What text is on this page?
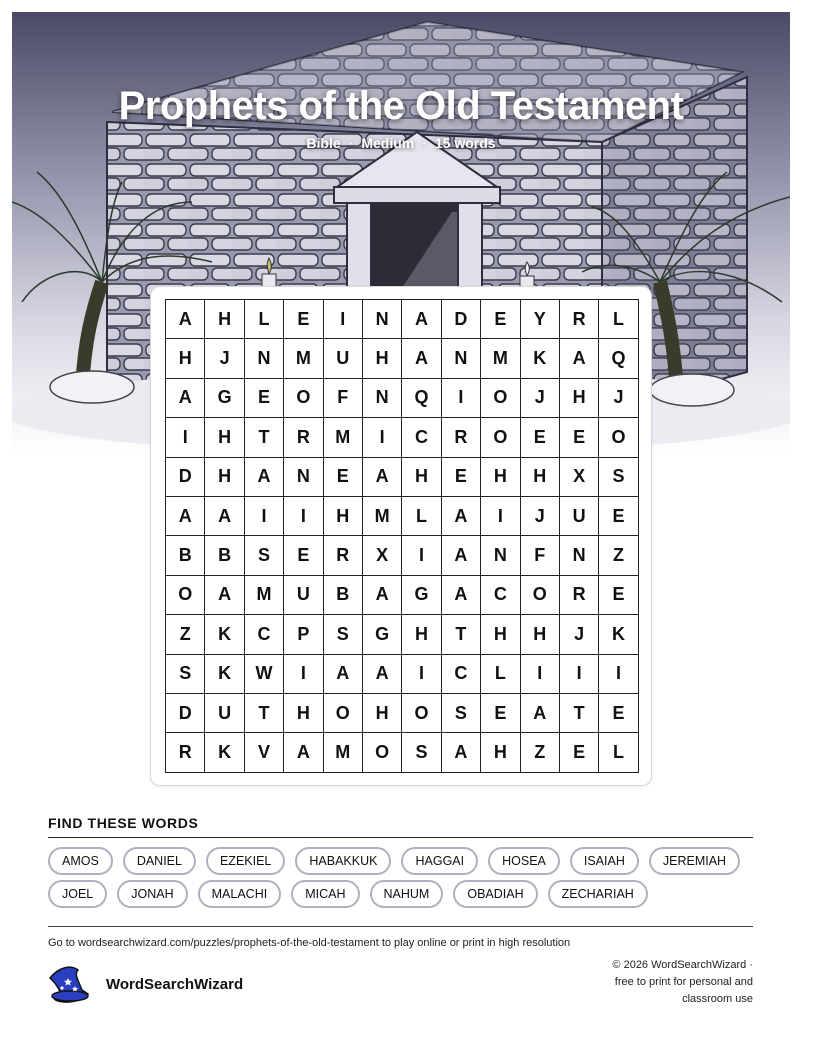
Prophets of the Old Testament
Bible · Medium · 15 words
A	H	L	E	I	N	A	D	E	Y	R	L
H	J	N	M	U	H	A	N	M	K	A	Q
A	G	E	O	F	N	Q	I	O	J	H	J
I	H	T	R	M	I	C	R	O	E	E	O
D	H	A	N	E	A	H	E	H	H	X	S
A	A	I	I	H	M	L	A	I	J	U	E
B	B	S	E	R	X	I	A	N	F	N	Z
O	A	M	U	B	A	G	A	C	O	R	E
Z	K	C	P	S	G	H	T	H	H	J	K
S	K	W	I	A	A	I	C	L	I	I	I
D	U	T	H	O	H	O	S	E	A	T	E
R	K	V	A	M	O	S	A	H	Z	E	L
FIND THESE WORDS
AMOS	DANIEL	EZEKIEL	HABAKKUK	HAGGAI	HOSEA	ISAIAH	JEREMIAH
JOEL	JONAH	MALACHI	MICAH	NAHUM	OBADIAH	ZECHARIAH
Go to wordsearchwizard.com/puzzles/prophets-of-the-old-testament to play online or print in high resolution
WordSearchWizard
© 2026 WordSearchWizard ·
free to print for personal and
classroom use
